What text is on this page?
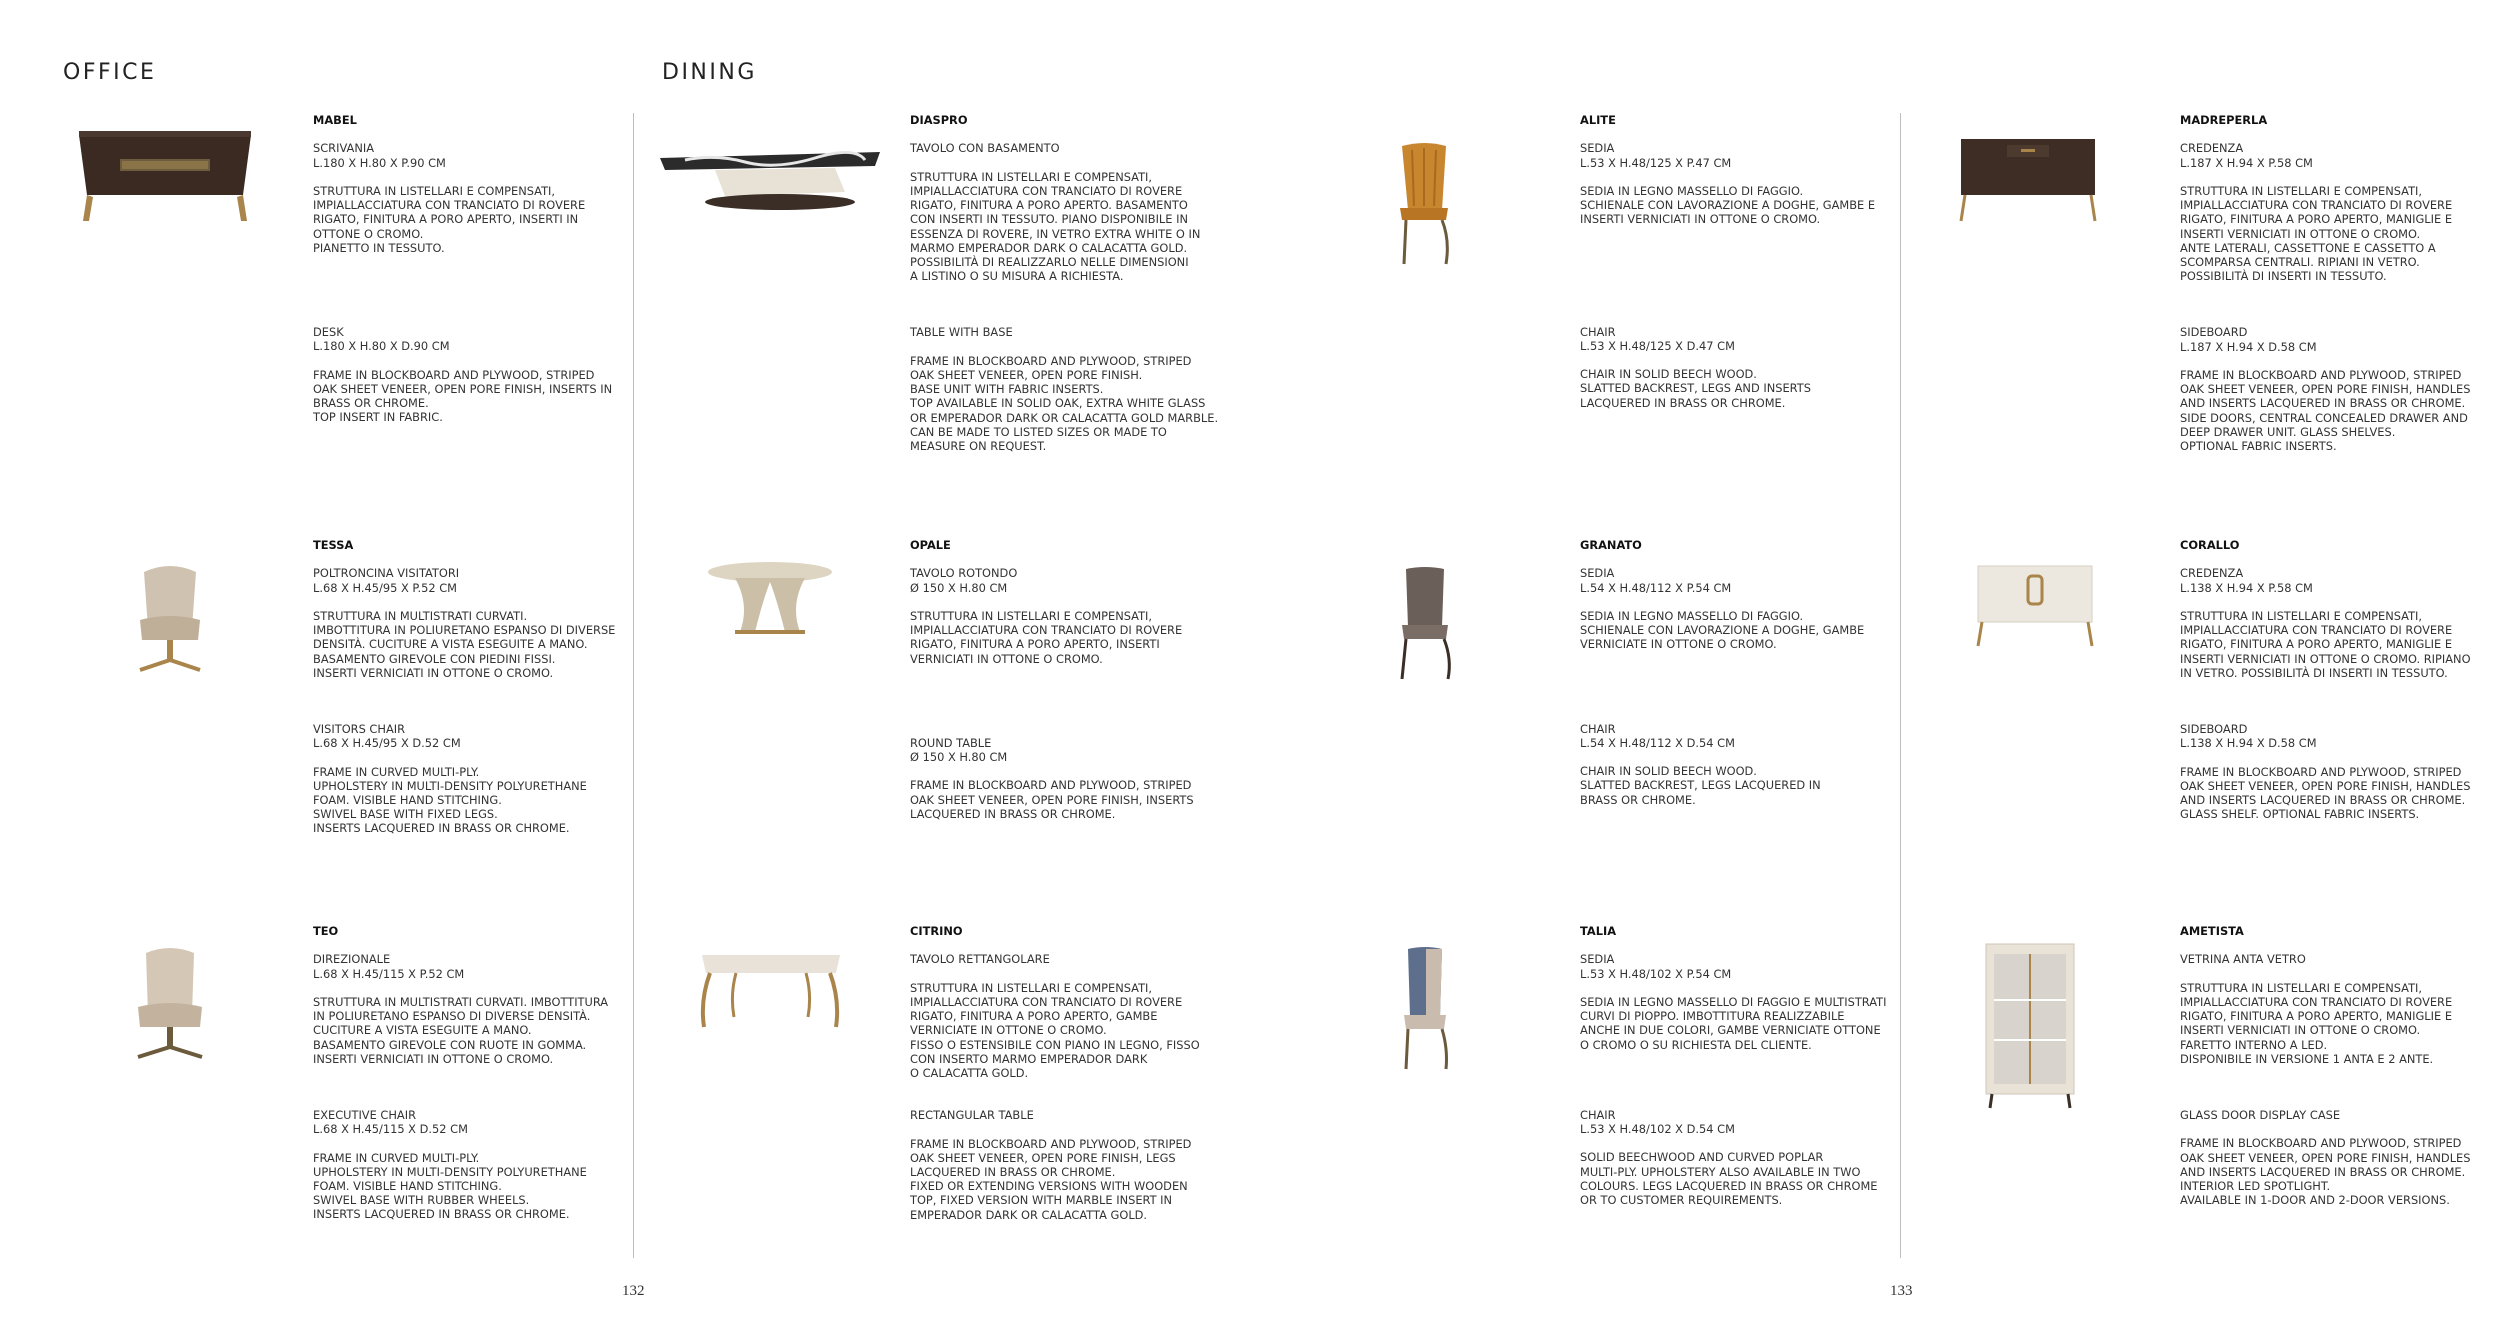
OFFICE	DINING
132	133
MABEL

SCRIVANIA

L.180 X H.80 X P.90 CM

STRUTTURA IN LISTELLARI E COMPENSATI,
IMPIALLACCIATURA CON TRANCIATO DI ROVERE
RIGATO, FINITURA A PORO APERTO, INSERTI IN
OTTONE O CROMO.
PIANETTO IN TESSUTO.

DESK

L.180 X H.80 X D.90 CM

FRAME IN BLOCKBOARD AND PLYWOOD, STRIPED
OAK SHEET VENEER, OPEN PORE FINISH, INSERTS IN
BRASS OR CHROME.
TOP INSERT IN FABRIC.

TESSA

POLTRONCINA VISITATORI

L.68 X H.45/95 X P.52 CM

STRUTTURA IN MULTISTRATI CURVATI.
IMBOTTITURA IN POLIURETANO ESPANSO DI DIVERSE
DENSITÀ. CUCITURE A VISTA ESEGUITE A MANO.
BASAMENTO GIREVOLE CON PIEDINI FISSI.
INSERTI VERNICIATI IN OTTONE O CROMO.

VISITORS CHAIR

L.68 X H.45/95 X D.52 CM

FRAME IN CURVED MULTI-PLY.
UPHOLSTERY IN MULTI-DENSITY POLYURETHANE
FOAM. VISIBLE HAND STITCHING.
SWIVEL BASE WITH FIXED LEGS.
INSERTS LACQUERED IN BRASS OR CHROME.

TEO

DIREZIONALE

L.68 X H.45/115 X P.52 CM

STRUTTURA IN MULTISTRATI CURVATI. IMBOTTITURA
IN POLIURETANO ESPANSO DI DIVERSE DENSITÀ.
CUCITURE A VISTA ESEGUITE A MANO.
BASAMENTO GIREVOLE CON RUOTE IN GOMMA.
INSERTI VERNICIATI IN OTTONE O CROMO.

EXECUTIVE CHAIR

L.68 X H.45/115 X D.52 CM

FRAME IN CURVED MULTI-PLY.
UPHOLSTERY IN MULTI-DENSITY POLYURETHANE
FOAM. VISIBLE HAND STITCHING.
SWIVEL BASE WITH RUBBER WHEELS.
INSERTS LACQUERED IN BRASS OR CHROME.

DIASPRO

TAVOLO CON BASAMENTO

STRUTTURA IN LISTELLARI E COMPENSATI,
IMPIALLACCIATURA CON TRANCIATO DI ROVERE
RIGATO, FINITURA A PORO APERTO. BASAMENTO
CON INSERTI IN TESSUTO. PIANO DISPONIBILE IN
ESSENZA DI ROVERE, IN VETRO EXTRA WHITE O IN
MARMO EMPERADOR DARK O CALACATTA GOLD.
POSSIBILITÀ DI REALIZZARLO NELLE DIMENSIONI
A LISTINO O SU MISURA A RICHIESTA.

TABLE WITH BASE

FRAME IN BLOCKBOARD AND PLYWOOD, STRIPED
OAK SHEET VENEER, OPEN PORE FINISH.
BASE UNIT WITH FABRIC INSERTS.
TOP AVAILABLE IN SOLID OAK, EXTRA WHITE GLASS
OR EMPERADOR DARK OR CALACATTA GOLD MARBLE.
CAN BE MADE TO LISTED SIZES OR MADE TO
MEASURE ON REQUEST.

OPALE

TAVOLO ROTONDO

Ø 150 X H.80 CM

STRUTTURA IN LISTELLARI E COMPENSATI,
IMPIALLACCIATURA CON TRANCIATO DI ROVERE
RIGATO, FINITURA A PORO APERTO, INSERTI
VERNICIATI IN OTTONE O CROMO.

ROUND TABLE

Ø 150 X H.80 CM

FRAME IN BLOCKBOARD AND PLYWOOD, STRIPED
OAK SHEET VENEER, OPEN PORE FINISH, INSERTS
LACQUERED IN BRASS OR CHROME.

CITRINO

TAVOLO RETTANGOLARE

STRUTTURA IN LISTELLARI E COMPENSATI,
IMPIALLACCIATURA CON TRANCIATO DI ROVERE
RIGATO, FINITURA A PORO APERTO, GAMBE
VERNICIATE IN OTTONE O CROMO.
FISSO O ESTENSIBILE CON PIANO IN LEGNO, FISSO
CON INSERTO MARMO EMPERADOR DARK
O CALACATTA GOLD.

RECTANGULAR TABLE

FRAME IN BLOCKBOARD AND PLYWOOD, STRIPED
OAK SHEET VENEER, OPEN PORE FINISH, LEGS
LACQUERED IN BRASS OR CHROME.
FIXED OR EXTENDING VERSIONS WITH WOODEN
TOP, FIXED VERSION WITH MARBLE INSERT IN
EMPERADOR DARK OR CALACATTA GOLD.

ALITE

SEDIA

L.53 X H.48/125 X P.47 CM

SEDIA IN LEGNO MASSELLO DI FAGGIO.
SCHIENALE CON LAVORAZIONE A DOGHE, GAMBE E
INSERTI VERNICIATI IN OTTONE O CROMO.

CHAIR

L.53 X H.48/125 X D.47 CM

CHAIR IN SOLID BEECH WOOD.
SLATTED BACKREST, LEGS AND INSERTS
LACQUERED IN BRASS OR CHROME.

GRANATO

SEDIA

L.54 X H.48/112 X P.54 CM

SEDIA IN LEGNO MASSELLO DI FAGGIO.
SCHIENALE CON LAVORAZIONE A DOGHE, GAMBE
VERNICIATE IN OTTONE O CROMO.

CHAIR

L.54 X H.48/112 X D.54 CM

CHAIR IN SOLID BEECH WOOD.
SLATTED BACKREST, LEGS LACQUERED IN
BRASS OR CHROME.

TALIA

SEDIA

L.53 X H.48/102 X P.54 CM

SEDIA IN LEGNO MASSELLO DI FAGGIO E MULTISTRATI
CURVI DI PIOPPO. IMBOTTITURA REALIZZABILE
ANCHE IN DUE COLORI, GAMBE VERNICIATE OTTONE
O CROMO O SU RICHIESTA DEL CLIENTE.

CHAIR

L.53 X H.48/102 X D.54 CM

SOLID BEECHWOOD AND CURVED POPLAR
MULTI-PLY. UPHOLSTERY ALSO AVAILABLE IN TWO
COLOURS. LEGS LACQUERED IN BRASS OR CHROME
OR TO CUSTOMER REQUIREMENTS.

MADREPERLA

CREDENZA

L.187 X H.94 X P.58 CM

STRUTTURA IN LISTELLARI E COMPENSATI,
IMPIALLACCIATURA CON TRANCIATO DI ROVERE
RIGATO, FINITURA A PORO APERTO, MANIGLIE E
INSERTI VERNICIATI IN OTTONE O CROMO.
ANTE LATERALI, CASSETTONE E CASSETTO A
SCOMPARSA CENTRALI. RIPIANI IN VETRO.
POSSIBILITÀ DI INSERTI IN TESSUTO.

SIDEBOARD

L.187 X H.94 X D.58 CM

FRAME IN BLOCKBOARD AND PLYWOOD, STRIPED
OAK SHEET VENEER, OPEN PORE FINISH, HANDLES
AND INSERTS LACQUERED IN BRASS OR CHROME.
SIDE DOORS, CENTRAL CONCEALED DRAWER AND
DEEP DRAWER UNIT. GLASS SHELVES.
OPTIONAL FABRIC INSERTS.

CORALLO

CREDENZA

L.138 X H.94 X P.58 CM

STRUTTURA IN LISTELLARI E COMPENSATI,
IMPIALLACCIATURA CON TRANCIATO DI ROVERE
RIGATO, FINITURA A PORO APERTO, MANIGLIE E
INSERTI VERNICIATI IN OTTONE O CROMO. RIPIANO
IN VETRO. POSSIBILITÀ DI INSERTI IN TESSUTO.

SIDEBOARD

L.138 X H.94 X D.58 CM

FRAME IN BLOCKBOARD AND PLYWOOD, STRIPED
OAK SHEET VENEER, OPEN PORE FINISH, HANDLES
AND INSERTS LACQUERED IN BRASS OR CHROME.
GLASS SHELF. OPTIONAL FABRIC INSERTS.

AMETISTA

VETRINA ANTA VETRO

STRUTTURA IN LISTELLARI E COMPENSATI,
IMPIALLACCIATURA CON TRANCIATO DI ROVERE
RIGATO, FINITURA A PORO APERTO, MANIGLIE E
INSERTI VERNICIATI IN OTTONE O CROMO.
FARETTO INTERNO A LED.
DISPONIBILE IN VERSIONE 1 ANTA E 2 ANTE.

GLASS DOOR DISPLAY CASE

FRAME IN BLOCKBOARD AND PLYWOOD, STRIPED
OAK SHEET VENEER, OPEN PORE FINISH, HANDLES
AND INSERTS LACQUERED IN BRASS OR CHROME.
INTERIOR LED SPOTLIGHT.
AVAILABLE IN 1-DOOR AND 2-DOOR VERSIONS.
